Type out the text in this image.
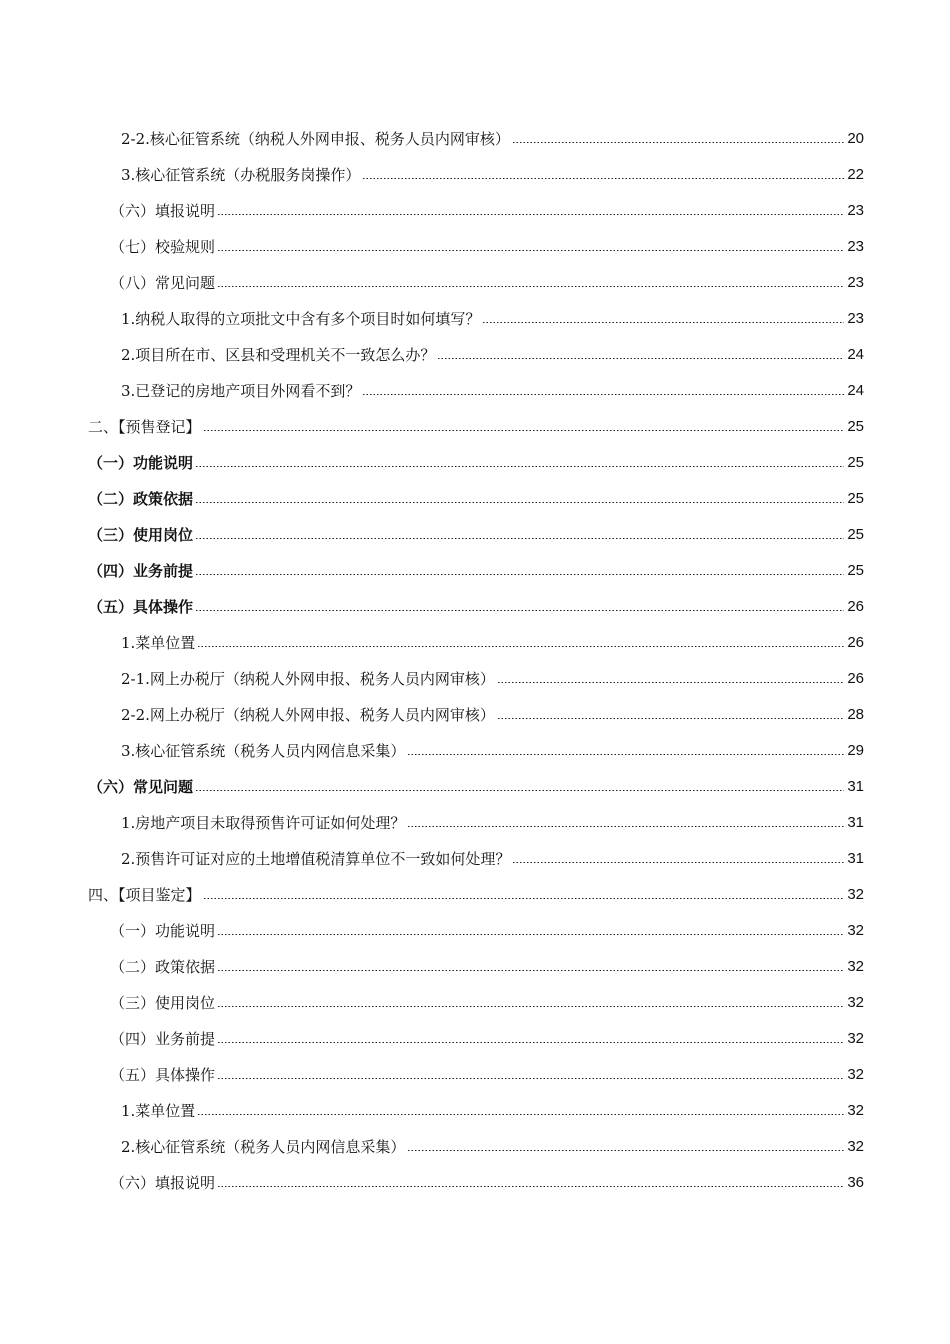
2-2.核心征管系统（纳税人外网申报、税务人员内网审核）	20
3.核心征管系统（办税服务岗操作）	22
（六）填报说明	23
（七）校验规则	23
（八）常见问题	23
1.纳税人取得的立项批文中含有多个项目时如何填写？	23
2.项目所在市、区县和受理机关不一致怎么办？	24
3.已登记的房地产项目外网看不到？	24
二、【预售登记】	25
（一）功能说明	25
（二）政策依据	25
（三）使用岗位	25
（四）业务前提	25
（五）具体操作	26
1.菜单位置	26
2-1.网上办税厅（纳税人外网申报、税务人员内网审核）	26
2-2.网上办税厅（纳税人外网申报、税务人员内网审核）	28
3.核心征管系统（税务人员内网信息采集）	29
（六）常见问题	31
1.房地产项目未取得预售许可证如何处理？	31
2.预售许可证对应的土地增值税清算单位不一致如何处理？	31
四、【项目鉴定】	32
（一）功能说明	32
（二）政策依据	32
（三）使用岗位	32
（四）业务前提	32
（五）具体操作	32
1.菜单位置	32
2.核心征管系统（税务人员内网信息采集）	32
（六）填报说明	36
